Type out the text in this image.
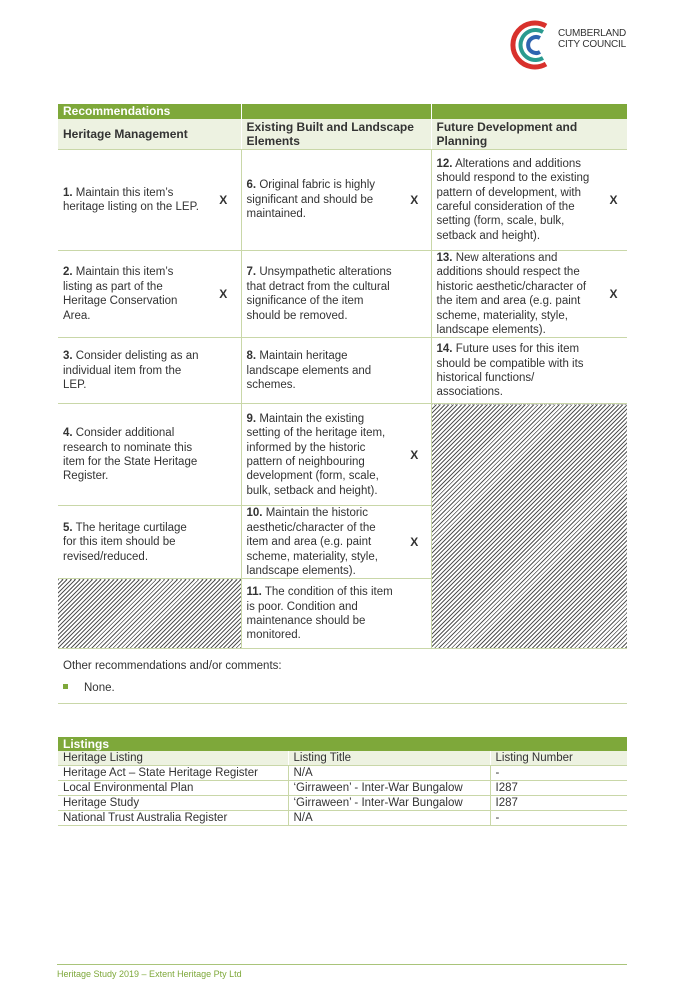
CUMBERLAND
CITY COUNCIL
Recommendations					
Heritage Management		Existing Built and Landscape Elements		Future Development and Planning	
1. Maintain this item’s heritage listing on the LEP.	X	6. Original fabric is highly significant and should be maintained.	X	12. Alterations and additions should respond to the existing pattern of development, with careful consideration of the setting (form, scale, bulk, setback and height).	X
2. Maintain this item’s listing as part of the Heritage Conservation Area.	X	7. Unsympathetic alterations that detract from the cultural significance of the item should be removed.		13. New alterations and additions should respect the historic aesthetic/character of the item and area (e.g. paint scheme, materiality, style, landscape elements).	X
3. Consider delisting as an individual item from the LEP.		8. Maintain heritage landscape elements and schemes.		14. Future uses for this item should be compatible with its historical functions/ associations.	
4. Consider additional research to nominate this item for the State Heritage Register.		9. Maintain the existing setting of the heritage item, informed by the historic pattern of neighbouring development (form, scale, bulk, setback and height).	X		
5. The heritage curtilage for this item should be revised/reduced.		10. Maintain the historic aesthetic/character of the item and area (e.g. paint scheme, materiality, style, landscape elements).	X		
		11. The condition of this item is poor. Condition and maintenance should be monitored.			
Other recommendations and/or comments:
None.
Listings		
Heritage Listing	Listing Title	Listing Number
Heritage Act – State Heritage Register	N/A	-
Local Environmental Plan	‘Girraween’ - Inter-War Bungalow	I287
Heritage Study	‘Girraween’ - Inter-War Bungalow	I287
National Trust Australia Register	N/A	-
Heritage Study 2019 – Extent Heritage Pty Ltd
